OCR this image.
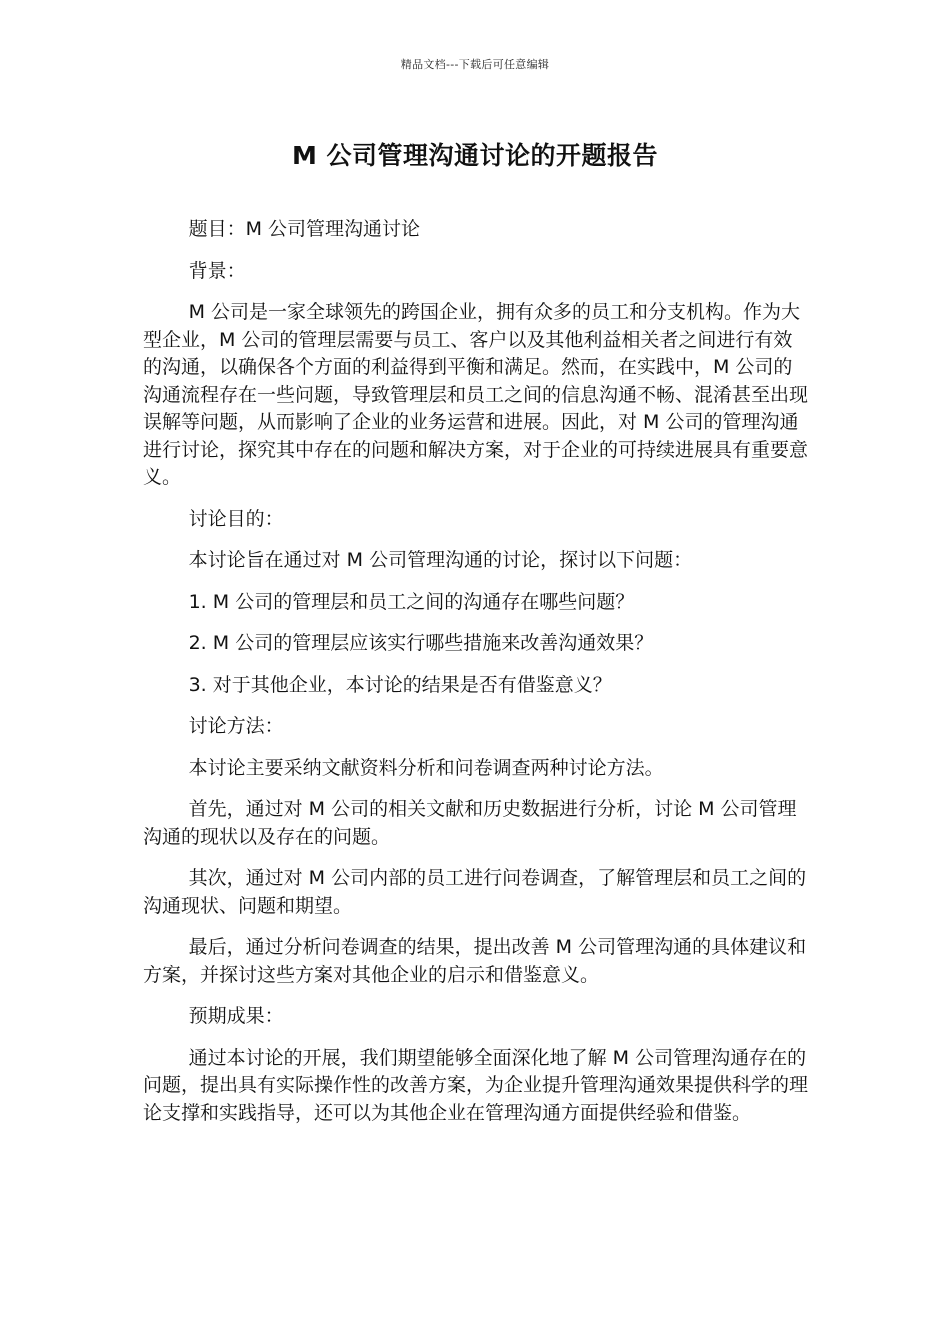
精品文档---下载后可任意编辑
M 公司管理沟通讨论的开题报告

题目：M 公司管理沟通讨论

背景：

M 公司是一家全球领先的跨国企业，拥有众多的员工和分支机构。作为大型企业，M 公司的管理层需要与员工、客户以及其他利益相关者之间进行有效的沟通，以确保各个方面的利益得到平衡和满足。然而，在实践中，M 公司的沟通流程存在一些问题，导致管理层和员工之间的信息沟通不畅、混淆甚至出现误解等问题，从而影响了企业的业务运营和进展。因此，对 M 公司的管理沟通进行讨论，探究其中存在的问题和解决方案，对于企业的可持续进展具有重要意义。

讨论目的：

本讨论旨在通过对 M 公司管理沟通的讨论，探讨以下问题：

1. M 公司的管理层和员工之间的沟通存在哪些问题？

2. M 公司的管理层应该实行哪些措施来改善沟通效果？

3. 对于其他企业，本讨论的结果是否有借鉴意义？

讨论方法：

本讨论主要采纳文献资料分析和问卷调查两种讨论方法。

首先，通过对 M 公司的相关文献和历史数据进行分析，讨论 M 公司管理沟通的现状以及存在的问题。

其次，通过对 M 公司内部的员工进行问卷调查，了解管理层和员工之间的沟通现状、问题和期望。

最后，通过分析问卷调查的结果，提出改善 M 公司管理沟通的具体建议和方案，并探讨这些方案对其他企业的启示和借鉴意义。

预期成果：

通过本讨论的开展，我们期望能够全面深化地了解 M 公司管理沟通存在的问题，提出具有实际操作性的改善方案，为企业提升管理沟通效果提供科学的理论支撑和实践指导，还可以为其他企业在管理沟通方面提供经验和借鉴。
